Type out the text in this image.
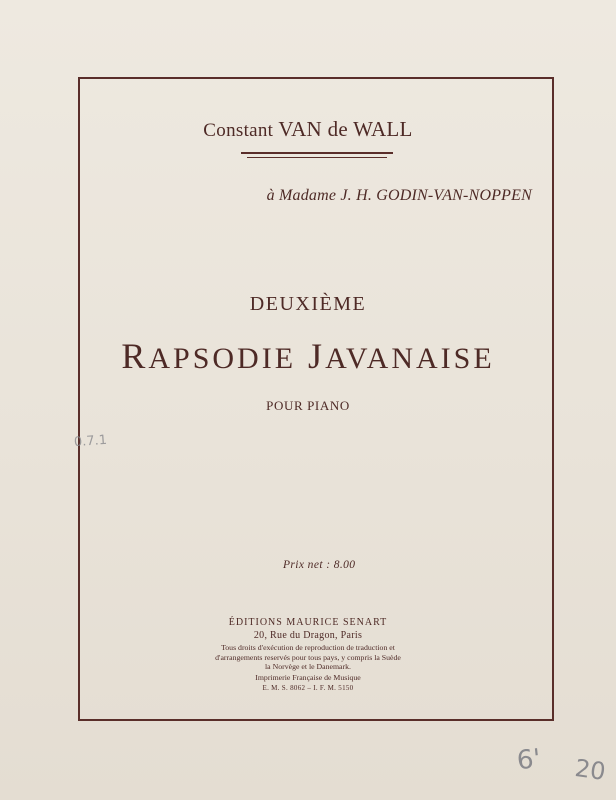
Constant VAN de WALL
à Madame J. H. GODIN-VAN-NOPPEN
DEUXIÈME
RAPSODIE JAVANAISE
POUR PIANO
Prix net : 8.00
ÉDITIONS MAURICE SENART
20, Rue du Dragon, Paris
Tous droits d'exécution de reproduction de traduction et
d'arrangements reservés pour tous pays, y compris la Suède
la Norvège et le Danemark.
Imprimerie Française de Musique
E. M. S. 8062 – I. F. M. 5150
0.7.1
6' 20
